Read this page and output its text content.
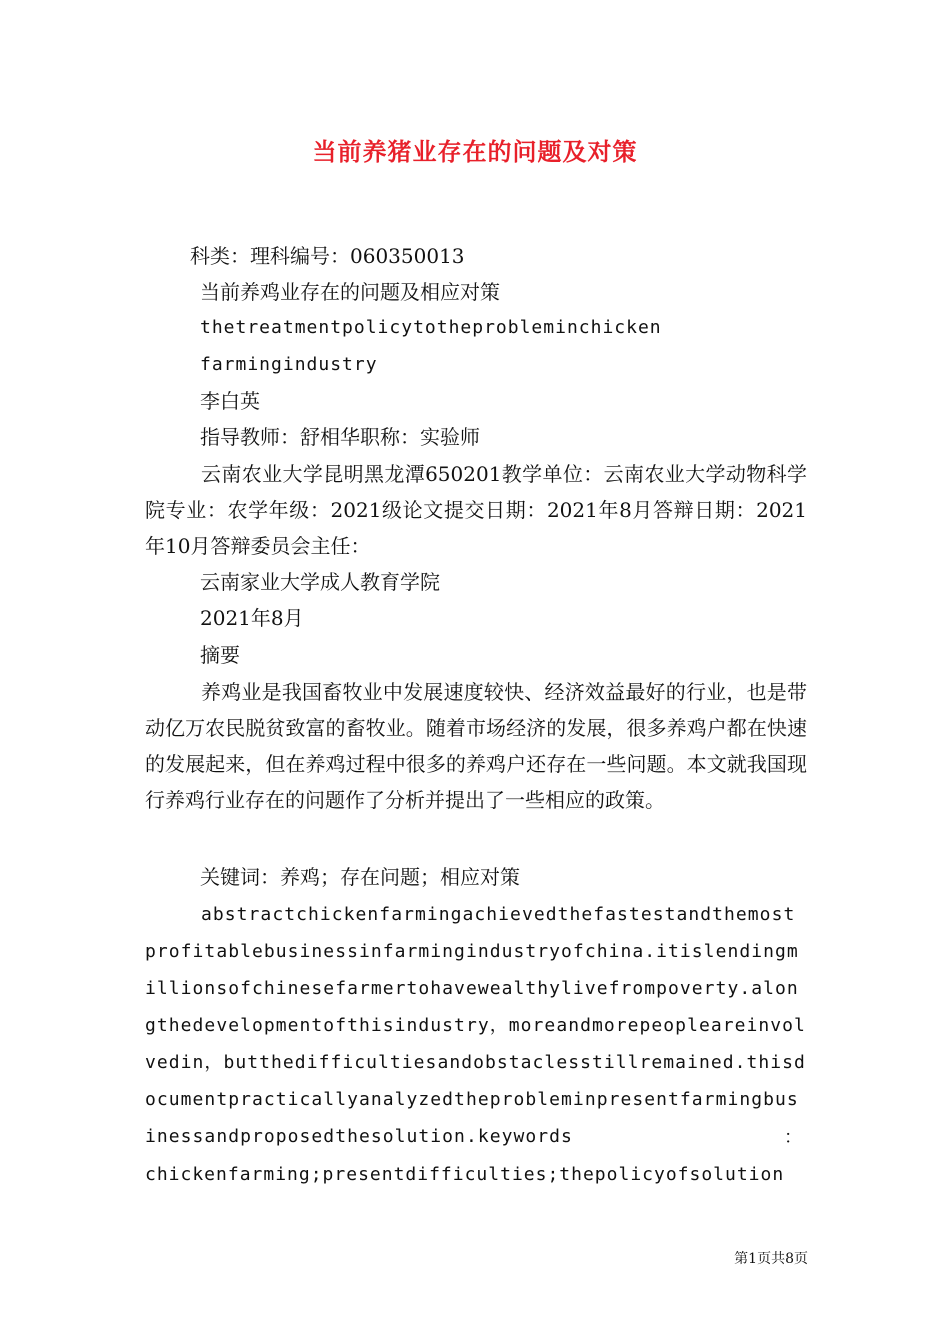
当前养猪业存在的问题及对策
科类：理科编号：060350013
当前养鸡业存在的问题及相应对策
thetreatmentpolicytotheprobleminchicken
farmingindustry
李白英
指导教师：舒相华职称：实验师
云南农业大学昆明黑龙潭650201教学单位：云南农业大学动物科学院专业：农学年级：2021级论文提交日期：2021年8月答辩日期：2021年10月答辩委员会主任：
云南家业大学成人教育学院
2021年8月
摘要
养鸡业是我国畜牧业中发展速度较快、经济效益最好的行业，也是带动亿万农民脱贫致富的畜牧业。随着市场经济的发展，很多养鸡户都在快速的发展起来，但在养鸡过程中很多的养鸡户还存在一些问题。本文就我国现行养鸡行业存在的问题作了分析并提出了一些相应的政策。
关键词：养鸡；存在问题；相应对策
abstractchickenfarmingachievedthefastestandthemostprofitablebusinessinfarmingindustryofchina.itislendingmillionsofchinesefarmertohavewealthylivefrompoverty.alongthedevelopmentofthisindustry，moreandmorepeopleareinvolvedin，butthedifficultiesandobstaclesstillremained.thisdocumentpracticallyanalyzedtheprobleminpresentfarmingbusinessandproposedthesolution.keywords	：
chickenfarming;presentdifficulties;thepolicyofsolution
第1页共8页
